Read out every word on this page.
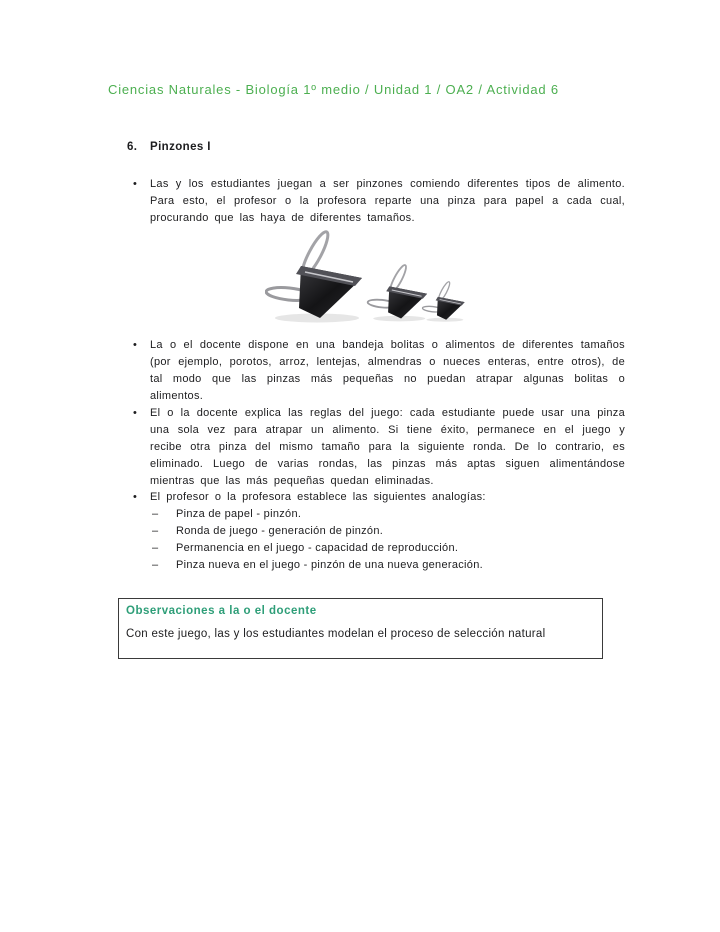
Ciencias Naturales - Biología 1º medio / Unidad 1 / OA2 / Actividad 6
6. Pinzones I
• Las y los estudiantes juegan a ser pinzones comiendo diferentes tipos de alimento. Para esto, el profesor o la profesora reparte una pinza para papel a cada cual, procurando que las haya de diferentes tamaños.

• La o el docente dispone en una bandeja bolitas o alimentos de diferentes tamaños (por ejemplo, porotos, arroz, lentejas, almendras o nueces enteras, entre otros), de tal modo que las pinzas más pequeñas no puedan atrapar algunas bolitas o alimentos.

• El o la docente explica las reglas del juego: cada estudiante puede usar una pinza una sola vez para atrapar un alimento. Si tiene éxito, permanece en el juego y recibe otra pinza del mismo tamaño para la siguiente ronda. De lo contrario, es eliminado. Luego de varias rondas, las pinzas más aptas siguen alimentándose mientras que las más pequeñas quedan eliminadas.

• El profesor o la profesora establece las siguientes analogías:

–	Pinza de papel - pinzón.
–	Ronda de juego - generación de pinzón.
–	Permanencia en el juego - capacidad de reproducción.
–	Pinza nueva en el juego - pinzón de una nueva generación.
Observaciones a la o el docente
Con este juego, las y los estudiantes modelan el proceso de selección natural
